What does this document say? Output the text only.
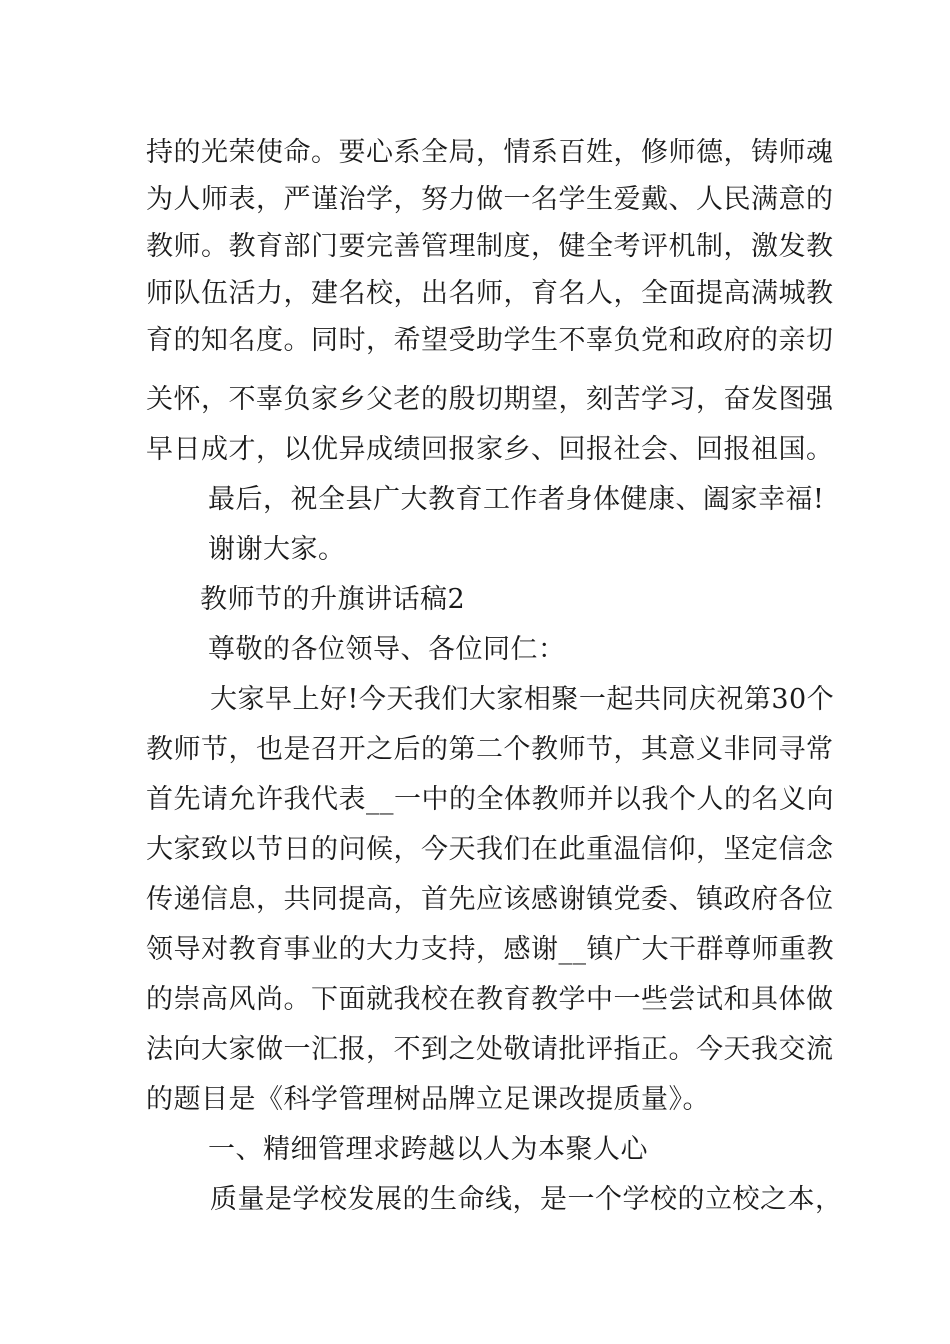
持的光荣使命。要心系全局，情系百姓，修师德，铸师魂
为人师表，严谨治学，努力做一名学生爱戴、人民满意的
教师。教育部门要完善管理制度，健全考评机制，激发教
师队伍活力，建名校，出名师，育名人，全面提高满城教
育的知名度。同时，希望受助学生不辜负党和政府的亲切
关怀，不辜负家乡父老的殷切期望，刻苦学习，奋发图强
早日成才，以优异成绩回报家乡、回报社会、回报祖国。
最后，祝全县广大教育工作者身体健康、阖家幸福!
谢谢大家。
教师节的升旗讲话稿2
尊敬的各位领导、各位同仁：
大家早上好!今天我们大家相聚一起共同庆祝第30个
教师节，也是召开之后的第二个教师节，其意义非同寻常
首先请允许我代表__一中的全体教师并以我个人的名义向
大家致以节日的问候，今天我们在此重温信仰，坚定信念
传递信息，共同提高，首先应该感谢镇党委、镇政府各位
领导对教育事业的大力支持，感谢__镇广大干群尊师重教
的崇高风尚。下面就我校在教育教学中一些尝试和具体做
法向大家做一汇报，不到之处敬请批评指正。今天我交流
的题目是《科学管理树品牌立足课改提质量》。
一、精细管理求跨越以人为本聚人心
质量是学校发展的生命线，是一个学校的立校之本，
